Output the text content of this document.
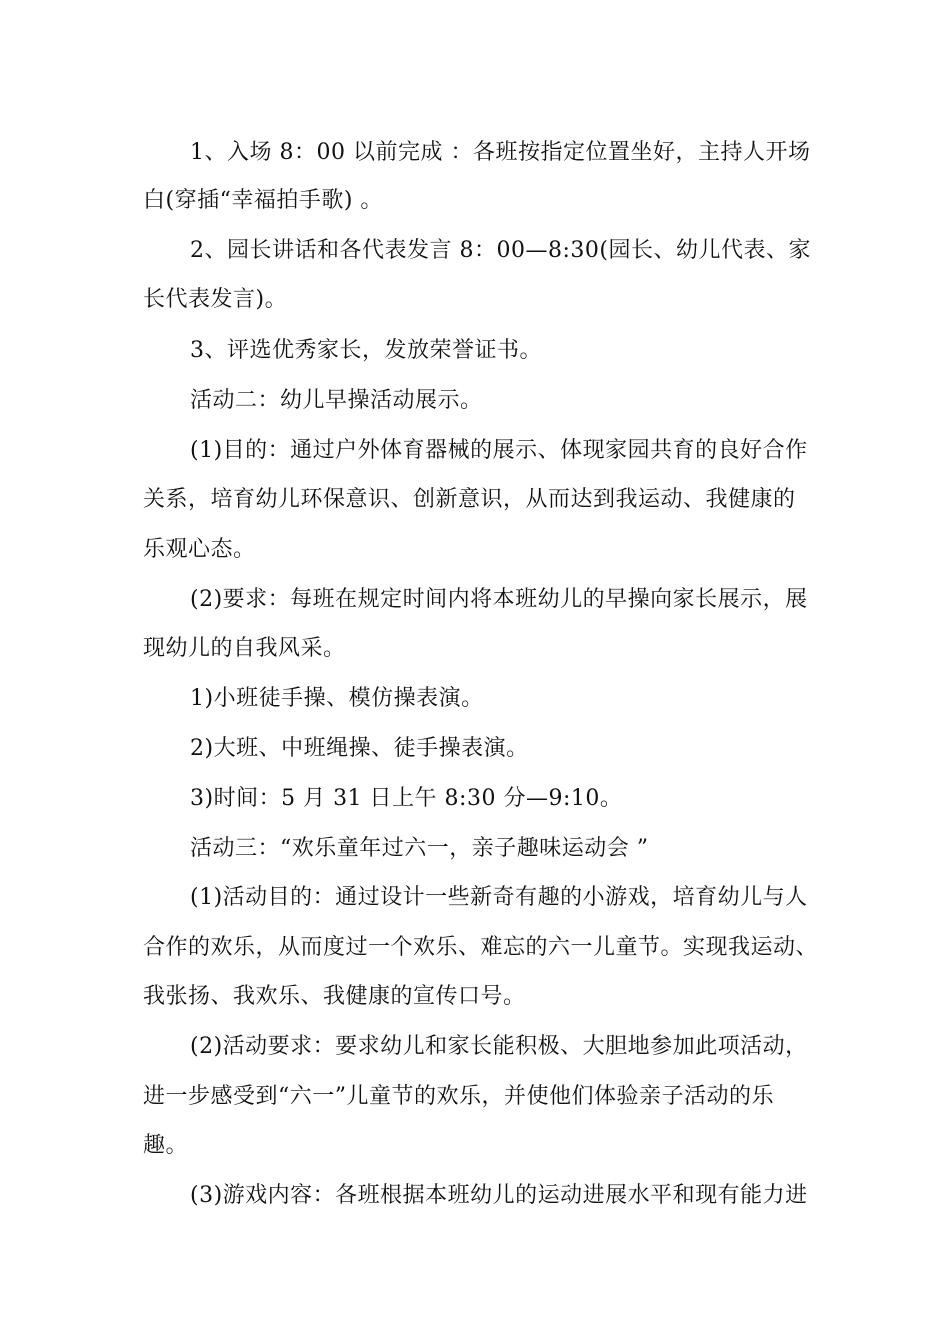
1、入场 8：00 以前完成 ：各班按指定位置坐好，主持人开场
白(穿插“幸福拍手歌) 。
2、园长讲话和各代表发言 8：00—8:30(园长、幼儿代表、家
长代表发言)。
3、评选优秀家长，发放荣誉证书。
活动二：幼儿早操活动展示。
(1)目的：通过户外体育器械的展示、体现家园共育的良好合作
关系，培育幼儿环保意识、创新意识，从而达到我运动、我健康的
乐观心态。
(2)要求：每班在规定时间内将本班幼儿的早操向家长展示，展
现幼儿的自我风采。
1)小班徒手操、模仿操表演。
2)大班、中班绳操、徒手操表演。
3)时间：5 月 31 日上午 8:30 分—9:10。
活动三：“欢乐童年过六一，亲子趣味运动会 ”
(1)活动目的：通过设计一些新奇有趣的小游戏，培育幼儿与人
合作的欢乐，从而度过一个欢乐、难忘的六一儿童节。实现我运动、
我张扬、我欢乐、我健康的宣传口号。
(2)活动要求：要求幼儿和家长能积极、大胆地参加此项活动，
进一步感受到“六一”儿童节的欢乐，并使他们体验亲子活动的乐
趣。
(3)游戏内容：各班根据本班幼儿的运动进展水平和现有能力进
